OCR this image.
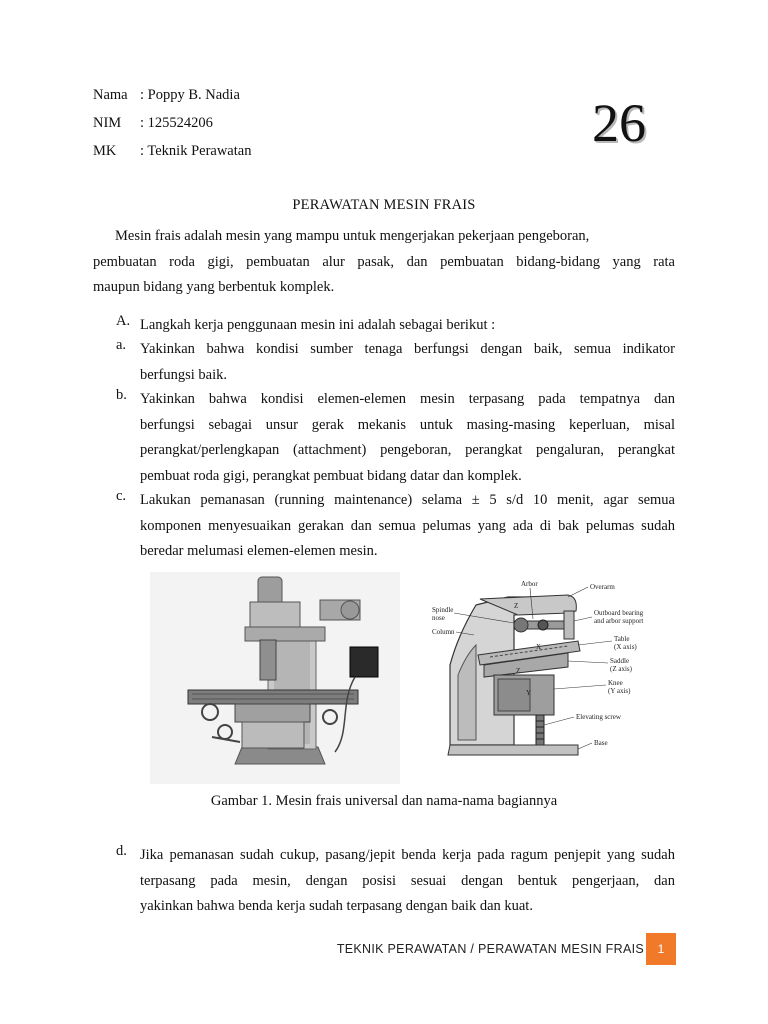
Nama : Poppy B. Nadia
NIM : 125524206
MK : Teknik Perawatan	26
PERAWATAN MESIN FRAIS
Mesin frais adalah mesin yang mampu untuk mengerjakan pekerjaan pengeboran,
pembuatan roda gigi, pembuatan alur pasak, dan pembuatan bidang-bidang yang rata
maupun bidang yang berbentuk komplek.
A. Langkah kerja penggunaan mesin ini adalah sebagai berikut :
a. Yakinkan bahwa kondisi sumber tenaga berfungsi dengan baik, semua indikator
berfungsi baik.
b. Yakinkan bahwa kondisi elemen-elemen mesin terpasang pada tempatnya dan
berfungsi sebagai unsur gerak mekanis untuk masing-masing keperluan, misal
perangkat/perlengkapan (attachment) pengeboran, perangkat pengaluran, perangkat
pembuat roda gigi, perangkat pembuat bidang datar dan komplek.
c. Lakukan pemanasan (running maintenance) selama ± 5 s/d 10 menit, agar semua
komponen menyesuaikan gerakan dan semua pelumas yang ada di bak pelumas sudah
beredar melumasi elemen-elemen mesin.
Z
X
Z
Y
Arbor	Overarm
Spindle
nose
Column
Outboard bearing
and arbor support
Table
(X axis)
Saddle
(Z axis)
Knee
(Y axis)
Elevating screw
Base
Gambar 1. Mesin frais universal dan nama-nama bagiannya
d. Jika pemanasan sudah cukup, pasang/jepit benda kerja pada ragum penjepit yang sudah
terpasang pada mesin, dengan posisi sesuai dengan bentuk pengerjaan, dan
yakinkan bahwa benda kerja sudah terpasang dengan baik dan kuat.
TEKNIK PERAWATAN / PERAWATAN MESIN FRAIS 1
